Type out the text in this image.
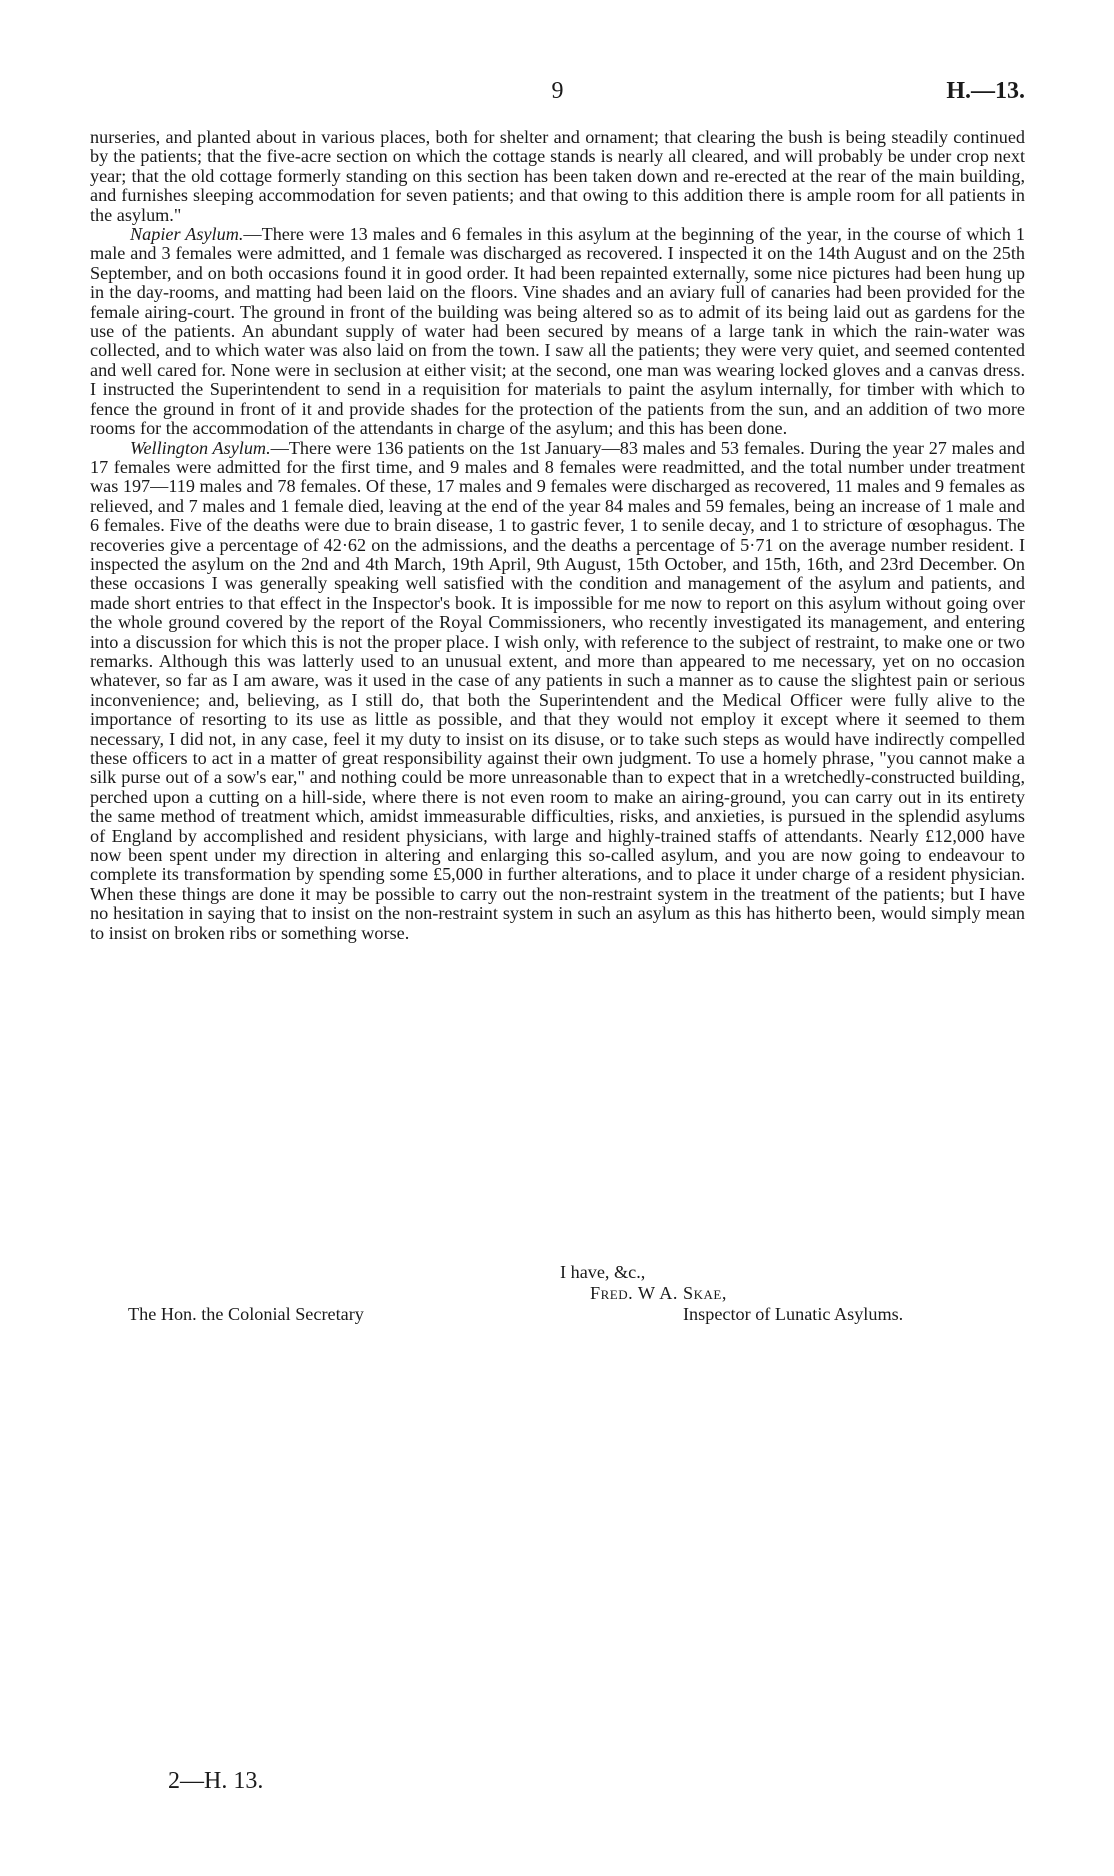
9	H.—13.

nurseries, and planted about in various places, both for shelter and ornament; that clearing the bush is being steadily continued by the patients; that the five-acre section on which the cottage stands is nearly all cleared, and will probably be under crop next year; that the old cottage formerly standing on this section has been taken down and re-erected at the rear of the main building, and furnishes sleeping accommodation for seven patients; and that owing to this addition there is ample room for all patients in the asylum."

Napier Asylum.—There were 13 males and 6 females in this asylum at the beginning of the year, in the course of which 1 male and 3 females were admitted, and 1 female was discharged as recovered. I inspected it on the 14th August and on the 25th September, and on both occasions found it in good order. It had been repainted externally, some nice pictures had been hung up in the day-rooms, and matting had been laid on the floors. Vine shades and an aviary full of canaries had been provided for the female airing-court. The ground in front of the building was being altered so as to admit of its being laid out as gardens for the use of the patients. An abundant supply of water had been secured by means of a large tank in which the rain-water was collected, and to which water was also laid on from the town. I saw all the patients; they were very quiet, and seemed contented and well cared for. None were in seclusion at either visit; at the second, one man was wearing locked gloves and a canvas dress. I instructed the Superintendent to send in a requisition for materials to paint the asylum internally, for timber with which to fence the ground in front of it and provide shades for the protection of the patients from the sun, and an addition of two more rooms for the accommodation of the attendants in charge of the asylum; and this has been done.

Wellington Asylum.—There were 136 patients on the 1st January—83 males and 53 females. During the year 27 males and 17 females were admitted for the first time, and 9 males and 8 females were readmitted, and the total number under treatment was 197—119 males and 78 females. Of these, 17 males and 9 females were discharged as recovered, 11 males and 9 females as relieved, and 7 males and 1 female died, leaving at the end of the year 84 males and 59 females, being an increase of 1 male and 6 females. Five of the deaths were due to brain disease, 1 to gastric fever, 1 to senile decay, and 1 to stricture of œsophagus. The recoveries give a percentage of 42·62 on the admissions, and the deaths a percentage of 5·71 on the average number resident. I inspected the asylum on the 2nd and 4th March, 19th April, 9th August, 15th October, and 15th, 16th, and 23rd December. On these occasions I was generally speaking well satisfied with the condition and management of the asylum and patients, and made short entries to that effect in the Inspector's book. It is impossible for me now to report on this asylum without going over the whole ground covered by the report of the Royal Commissioners, who recently investigated its management, and entering into a discussion for which this is not the proper place. I wish only, with reference to the subject of restraint, to make one or two remarks. Although this was latterly used to an unusual extent, and more than appeared to me necessary, yet on no occasion whatever, so far as I am aware, was it used in the case of any patients in such a manner as to cause the slightest pain or serious inconvenience; and, believing, as I still do, that both the Superintendent and the Medical Officer were fully alive to the importance of resorting to its use as little as possible, and that they would not employ it except where it seemed to them necessary, I did not, in any case, feel it my duty to insist on its disuse, or to take such steps as would have indirectly compelled these officers to act in a matter of great responsibility against their own judgment. To use a homely phrase, "you cannot make a silk purse out of a sow's ear," and nothing could be more unreasonable than to expect that in a wretchedly-constructed building, perched upon a cutting on a hill-side, where there is not even room to make an airing-ground, you can carry out in its entirety the same method of treatment which, amidst immeasurable difficulties, risks, and anxieties, is pursued in the splendid asylums of England by accomplished and resident physicians, with large and highly-trained staffs of attendants. Nearly £12,000 have now been spent under my direction in altering and enlarging this so-called asylum, and you are now going to endeavour to complete its transformation by spending some £5,000 in further alterations, and to place it under charge of a resident physician. When these things are done it may be possible to carry out the non-restraint system in the treatment of the patients; but I have no hesitation in saying that to insist on the non-restraint system in such an asylum as this has hitherto been, would simply mean to insist on broken ribs or something worse.

I have, &c.,
Fred. W A. Skae,
The Hon. the Colonial Secretary	Inspector of Lunatic Asylums.
2—H. 13.
